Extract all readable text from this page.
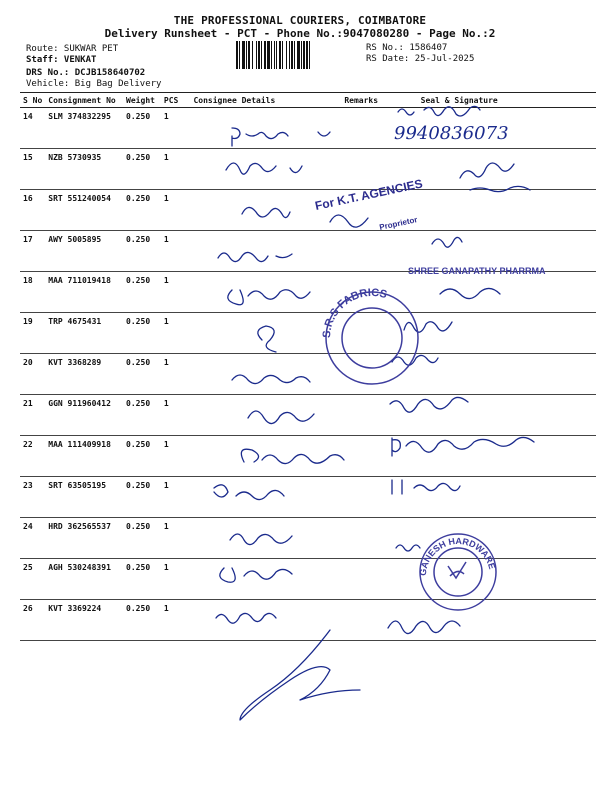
THE PROFESSIONAL COURIERS, COIMBATORE
Delivery Runsheet - PCT - Phone No.:9047080280 - Page No.:2
Route: SUKWAR PET
Staff: VENKAT
DRS No.: DCJB158640702
Vehicle: Big Bag Delivery
RS No.: 1586407
RS Date: 25-Jul-2025
S No	Consignment No	Weight	PCS	Consignee Details	Remarks	Seal & Signature
14	SLM 374832295	0.250	1			
15	NZB 5730935	0.250	1			
16	SRT 551240054	0.250	1			
17	AWY 5005895	0.250	1			
18	MAA 711019418	0.250	1			
19	TRP 4675431	0.250	1			
20	KVT 3368289	0.250	1			
21	GGN 911960412	0.250	1			
22	MAA 111409918	0.250	1			
23	SRT 63505195	0.250	1			
24	HRD 362565537	0.250	1			
25	AGH 530248391	0.250	1			
26	KVT 3369224	0.250	1			
9940836073
For K.T. AGENCIES
Proprietor
SHREE GANAPATHY PHARRMA
S.R.S FABRICS
GANESH HARDWARE
